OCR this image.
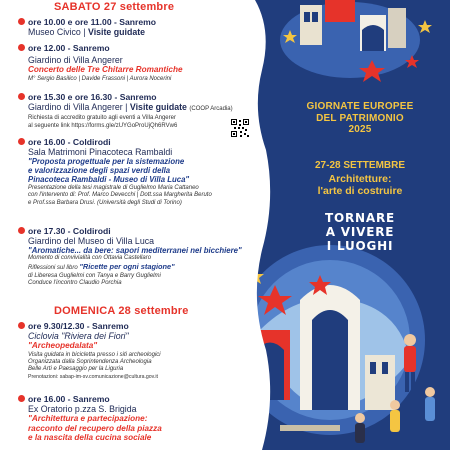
GIORNATE EUROPEE
DEL PATRIMONIO
2025
27-28 SETTEMBRE
Architetture:
l'arte di costruire
TORNARE
A VIVERE
I LUOGHI
SABATO 27 settembre
ore 10.00 e ore 11.00 - Sanremo
Museo Civico | Visite guidate
ore 12.00 - Sanremo
Giardino di Villa Angerer
Concerto delle Tre Chitarre Romantiche
M° Sergio Basilico | Davide Frassoni | Aurora Nocerini
ore 15.30 e ore 16.30 - Sanremo
Giardino di Villa Angerer | Visite guidate (COOP Arcadia)
Richiesta di accredito gratuito agli eventi a Villa Angerer
al seguente link https://forms.gle/zUYGoProUjQh6RVw6
ore 16.00 - Coldirodi
Sala Matrimoni Pinacoteca Rambaldi
"Proposta progettuale per la sistemazione
e valorizzazione degli spazi verdi della
Pinacoteca Rambaldi - Museo di Villa Luca"
Presentazione della tesi magistrale di Guglielmo Maria Cattaneo
con l'intervento di: Prof. Marco Devecchi | Dott.ssa Margherita Beruto
e Prof.ssa Barbara Drusi. (Università degli Studi di Torino)
ore 17.30 - Coldirodi
Giardino del Museo di Villa Luca
"Aromatiche... da bere: sapori mediterranei nel bicchiere"
Momento di convivialità con Ottavia Castellaro
Riflessioni sul libro "Ricette per ogni stagione"
di Liberesa Guglielmi con Tanya e Barry Guglielmi
Conduce l'incontro Claudio Porchia
DOMENICA 28 settembre
ore 9.30/12.30 - Sanremo
Ciclovia "Riviera dei Fiori"
"Archeopedalata"
Visita guidata in bicicletta presso i siti archeologici
Organizzata dalla Soprintendenza Archeologia
Belle Arti e Paesaggio per la Liguria
Prenotazioni: sabap-im-sv.comunicazione@cultura.gov.it
ore 16.00 - Sanremo
Ex Oratorio p.zza S. Brigida
"Architettura e partecipazione:
racconto del recupero della piazza
e la nascita della cucina sociale
